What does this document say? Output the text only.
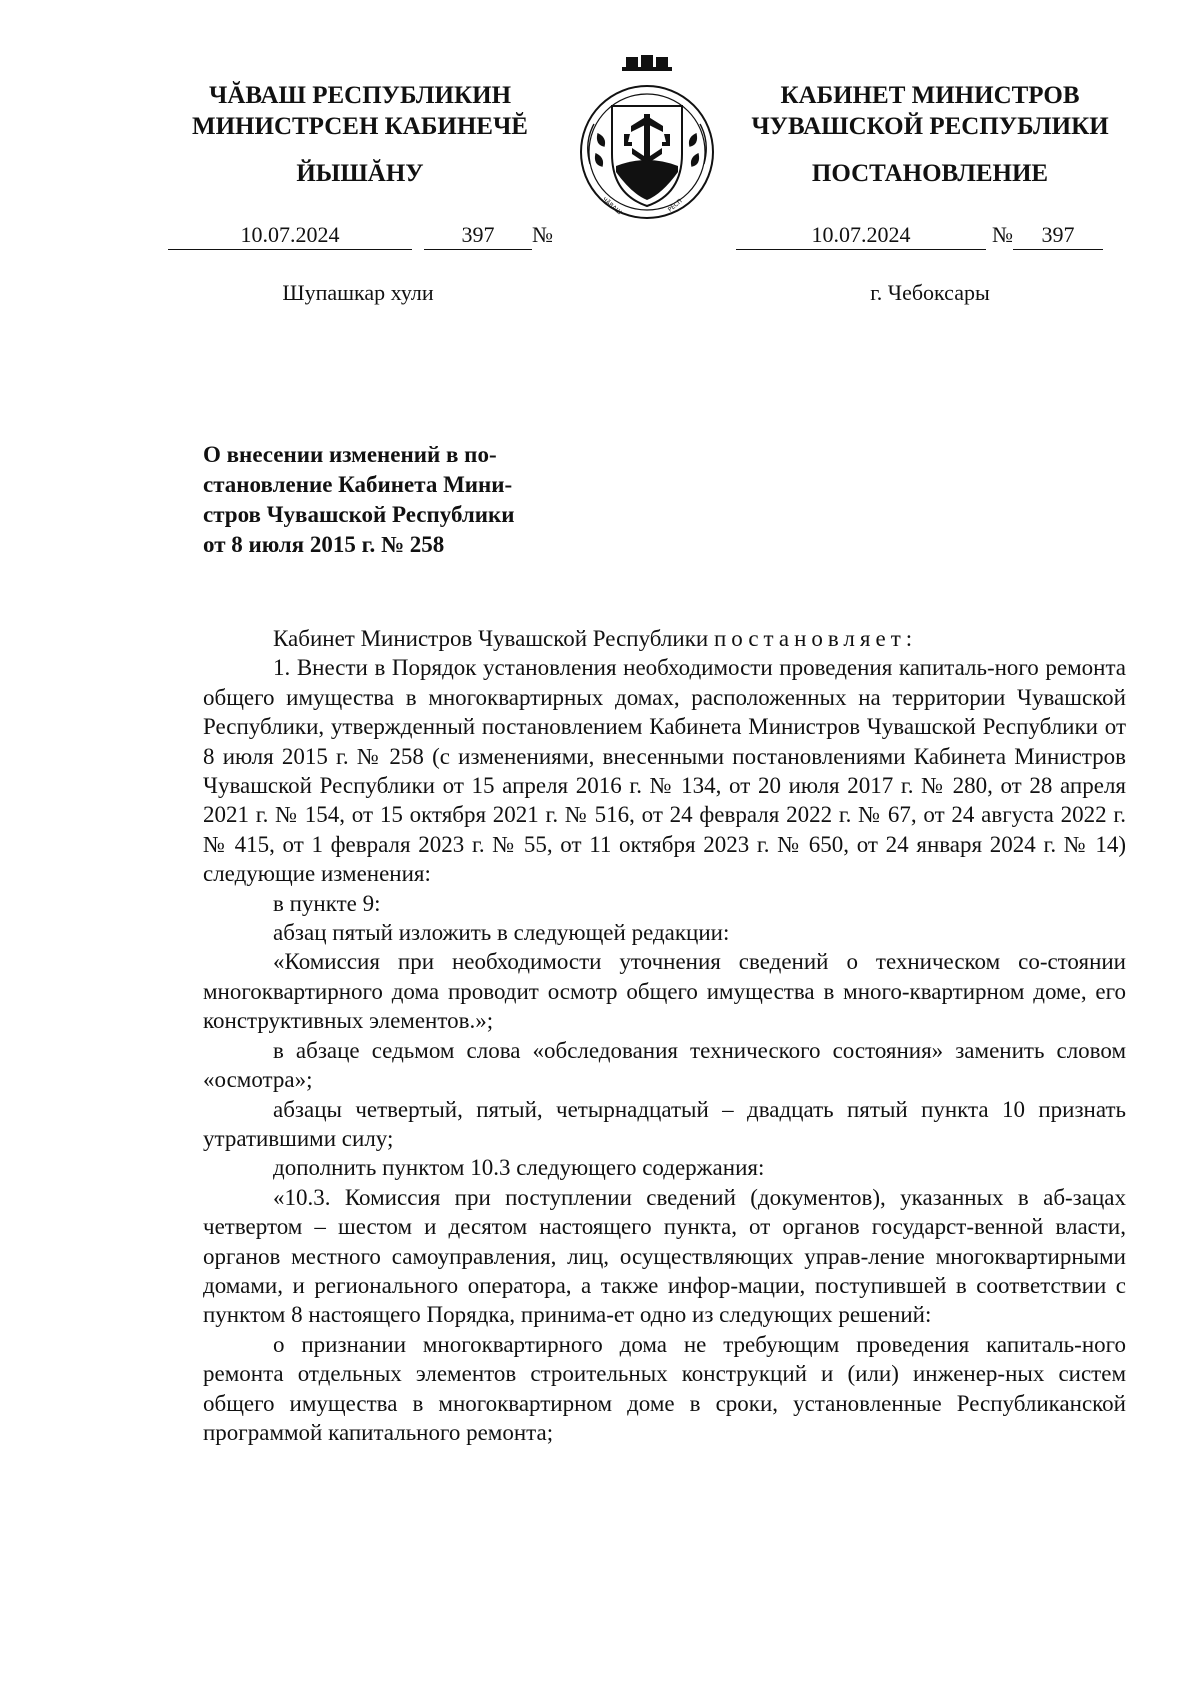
ЧĂВАШ РЕСПУБЛИКИН
МИНИСТРСЕН КАБИНЕЧĔ
ЙЫШĂНУ
10.07.2024	397 №
Шупашкар хули
ЧĂВАШ	РЕСП
КАБИНЕТ МИНИСТРОВ
ЧУВАШСКОЙ РЕСПУБЛИКИ
ПОСТАНОВЛЕНИЕ
10.07.2024	№ 397
г. Чебоксары
О внесении изменений в по-
становление Кабинета Мини-
стров Чувашской Республики
от 8 июля 2015 г. № 258

Кабинет Министров Чувашской Республики постановляет:

1. Внести в Порядок установления необходимости проведения капиталь-ного ремонта общего имущества в многоквартирных домах, расположенных на территории Чувашской Республики, утвержденный постановлением Кабинета Министров Чувашской Республики от 8 июля 2015 г. № 258 (с изменениями, внесенными постановлениями Кабинета Министров Чувашской Республики от 15 апреля 2016 г. № 134, от 20 июля 2017 г. № 280, от 28 апреля 2021 г. № 154, от 15 октября 2021 г. № 516, от 24 февраля 2022 г. № 67, от 24 августа 2022 г. № 415, от 1 февраля 2023 г. № 55, от 11 октября 2023 г. № 650, от 24 января 2024 г. № 14) следующие изменения:

в пункте 9:

абзац пятый изложить в следующей редакции:

«Комиссия при необходимости уточнения сведений о техническом со-стоянии многоквартирного дома проводит осмотр общего имущества в много-квартирном доме, его конструктивных элементов.»;

в абзаце седьмом слова «обследования технического состояния» заменить словом «осмотра»;

абзацы четвертый, пятый, четырнадцатый – двадцать пятый пункта 10 признать утратившими силу;

дополнить пунктом 10.3 следующего содержания:

«10.3. Комиссия при поступлении сведений (документов), указанных в аб-зацах четвертом – шестом и десятом настоящего пункта, от органов государст-венной власти, органов местного самоуправления, лиц, осуществляющих управ-ление многоквартирными домами, и регионального оператора, а также инфор-мации, поступившей в соответствии с пунктом 8 настоящего Порядка, принима-ет одно из следующих решений:

о признании многоквартирного дома не требующим проведения капиталь-ного ремонта отдельных элементов строительных конструкций и (или) инженер-ных систем общего имущества в многоквартирном доме в сроки, установленные Республиканской программой капитального ремонта;
